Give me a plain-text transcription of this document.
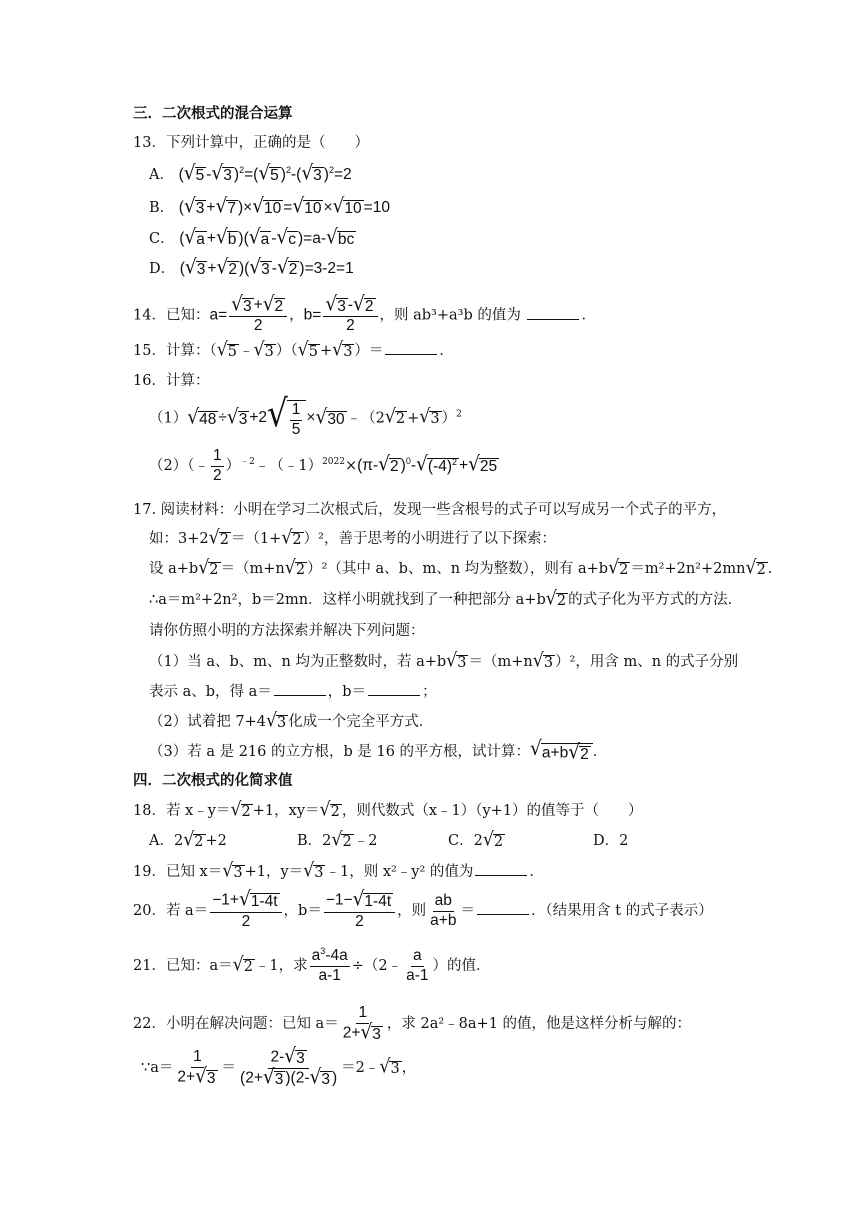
三．二次根式的混合运算
13．下列计算中，正确的是（　　）
A． ( √ 5 - √ 3 )$^2$=( √ 5 )$^2$-( √ 3 )$^2$=2
B． ( √ 3 + √ 7 )× √ 10 = √ 10 × √ 10 =10
C． ( √ a + √ b )( √ a - √ c )=a- √ bc
D． ( √ 3 + √ 2 )( √ 3 - √ 2 )=3-2=1
14．已知：$a= \frac{√ 3 + √ 2}{2}$ ，$b= \frac{√ 3 - √ 2}{2}$ ，则 ab³+a³b 的值为	．
15．计算：（ √ 5 ﹣ √ 3 ）（ √ 5 + √ 3 ）＝	．
16．计算：
（1） √ 48 ÷ √ 3 +2 √ $\frac{1}{5}$ × √ 30 ﹣（2 √ 2 + √ 3 ）$^2$
（2）（﹣ $\frac{1}{2}$ ）$^{﹣2}$﹣（﹣1）$^{2022}$×(π- √ 2 )$^0$- √ $(-4)^2$ + √ 25
17. 阅读材料：小明在学习二次根式后，发现一些含根号的式子可以写成另一个式子的平方，
如：3+2 √ 2 ＝（1+ √ 2 ）²，善于思考的小明进行了以下探索：
设 a+b √ 2 ＝（m+n √ 2 ）²（其中 a、b、m、n 均为整数），则有 a+b √ 2 ＝m²+2n²+2mn √ 2 .
∴a＝m²+2n²，b＝2mn．这样小明就找到了一种把部分 a+b √ 2 的式子化为平方式的方法．
请你仿照小明的方法探索并解决下列问题：
（1）当 a、b、m、n 均为正整数时，若 a+b √ 3 ＝（m+n √ 3 ）²，用含 m、n 的式子分别
表示 a、b，得 a＝	，b＝	；
（2）试着把 7+4 √ 3 化成一个完全平方式．
（3）若 a 是 216 的立方根，b 是 16 的平方根，试计算： √ a+b √ 2 ．
四．二次根式的化简求值
18．若 x﹣y＝ √ 2 +1，xy＝ √ 2 ，则代数式（x﹣1）（y+1）的值等于（　　）
A．2 √ 2 +2	B．2 √ 2 ﹣2	C．2 √ 2	D．2
19．已知 x＝ √ 3 +1，y＝ √ 3 ﹣1，则 x²﹣y² 的值为	．
20．若 $a= \frac{-1+ √ 1-4t}{2}$ ，$b= \frac{-1- √ 1-4t}{2}$ ，则 $\frac{ab}{a+b}$ ＝	．（结果用含 t 的式子表示）
21．已知：a＝ √ 2 ﹣1，求 $\frac{a^3-4a}{a-1}$ ÷（2﹣ $\frac{a}{a-1}$ ）的值．
22．小明在解决问题：已知 $a= \frac{1}{2+ √ 3}$ ，求 2a²﹣8a+1 的值，他是这样分析与解的：
∵a＝ $\frac{1}{2+ √ 3} = \frac{2- √ 3}{(2+ √ 3 )(2- √ 3 )}$ ＝2﹣ √ 3 ，
